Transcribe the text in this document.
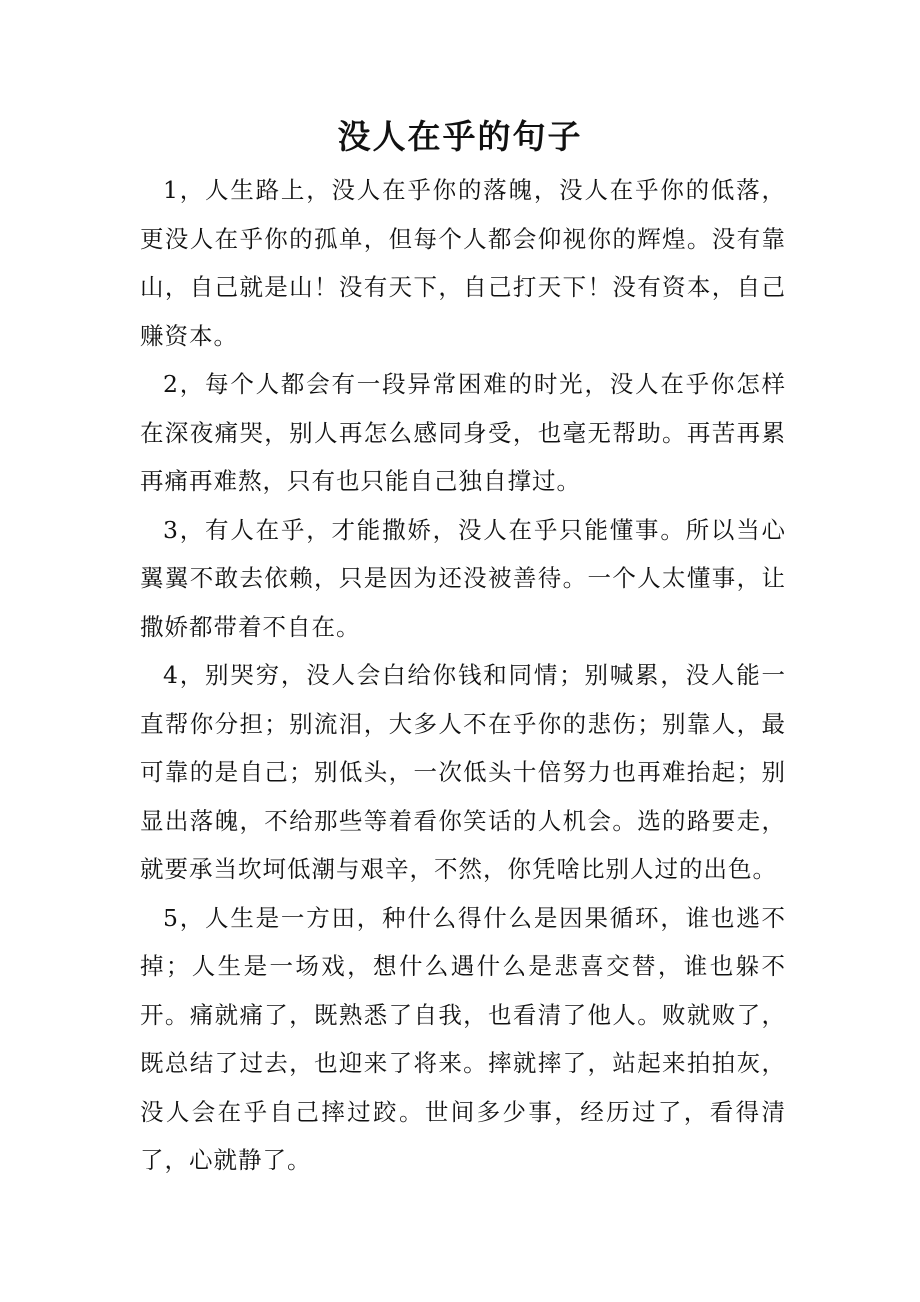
没人在乎的句子

1，人生路上，没人在乎你的落魄，没人在乎你的低落，更没人在乎你的孤单，但每个人都会仰视你的辉煌。没有靠山，自己就是山！没有天下，自己打天下！没有资本，自己赚资本。

2，每个人都会有一段异常困难的时光，没人在乎你怎样在深夜痛哭，别人再怎么感同身受，也毫无帮助。再苦再累再痛再难熬，只有也只能自己独自撑过。

3，有人在乎，才能撒娇，没人在乎只能懂事。所以当心翼翼不敢去依赖，只是因为还没被善待。一个人太懂事，让撒娇都带着不自在。

4，别哭穷，没人会白给你钱和同情；别喊累，没人能一直帮你分担；别流泪，大多人不在乎你的悲伤；别靠人，最可靠的是自己；别低头，一次低头十倍努力也再难抬起；别显出落魄，不给那些等着看你笑话的人机会。选的路要走，就要承当坎坷低潮与艰辛，不然，你凭啥比别人过的出色。

5，人生是一方田，种什么得什么是因果循环，谁也逃不掉；人生是一场戏，想什么遇什么是悲喜交替，谁也躲不开。痛就痛了，既熟悉了自我，也看清了他人。败就败了，既总结了过去，也迎来了将来。摔就摔了，站起来拍拍灰，没人会在乎自己摔过跤。世间多少事，经历过了，看得清了，心就静了。
